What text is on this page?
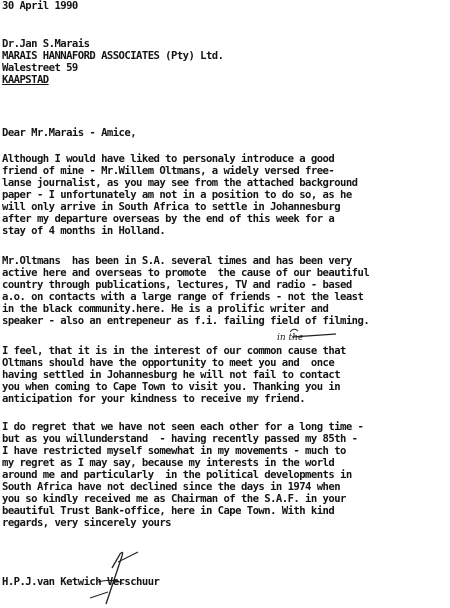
30 April 1990
Dr.Jan S.Marais
MARAIS HANNAFORD ASSOCIATES (Pty) Ltd.
Walestreet 59
KAAPSTAD
Dear Mr.Marais - Amice,
Although I would have liked to personaly introduce a good
friend of mine - Mr.Willem Oltmans, a widely versed free-
lanse journalist, as you may see from the attached background
paper - I unfortunately am not in a position to do so, as he
will only arrive in South Africa to settle in Johannesburg
after my departure overseas by the end of this week for a
stay of 4 months in Holland.
Mr.Oltmans  has been in S.A. several times and has been very
active here and overseas to promote  the cause of our beautiful
country through publications, lectures, TV and radio - based
a.o. on contacts with a large range of friends - not the least
in the black community.here. He is a prolific writer and
speaker - also an entrepeneur as f.i. failing field of filming.
in the
I feel, that it is in the interest of our common cause that
Oltmans should have the opportunity to meet you and  once
having settled in Johannesburg he will not fail to contact
you when coming to Cape Town to visit you. Thanking you in
anticipation for your kindness to receive my friend.
I do regret that we have not seen each other for a long time -
but as you willunderstand  - having recently passed my 85th -
I have restricted myself somewhat in my movements - much to
my regret as I may say, because my interests in the world
around me and particularly  in the political developments in
South Africa have not declined since the days in 1974 when
you so kindly received me as Chairman of the S.A.F. in your
beautiful Trust Bank-office, here in Cape Town. With kind
regards, very sincerely yours
H.P.J.van Ketwich Verschuur
